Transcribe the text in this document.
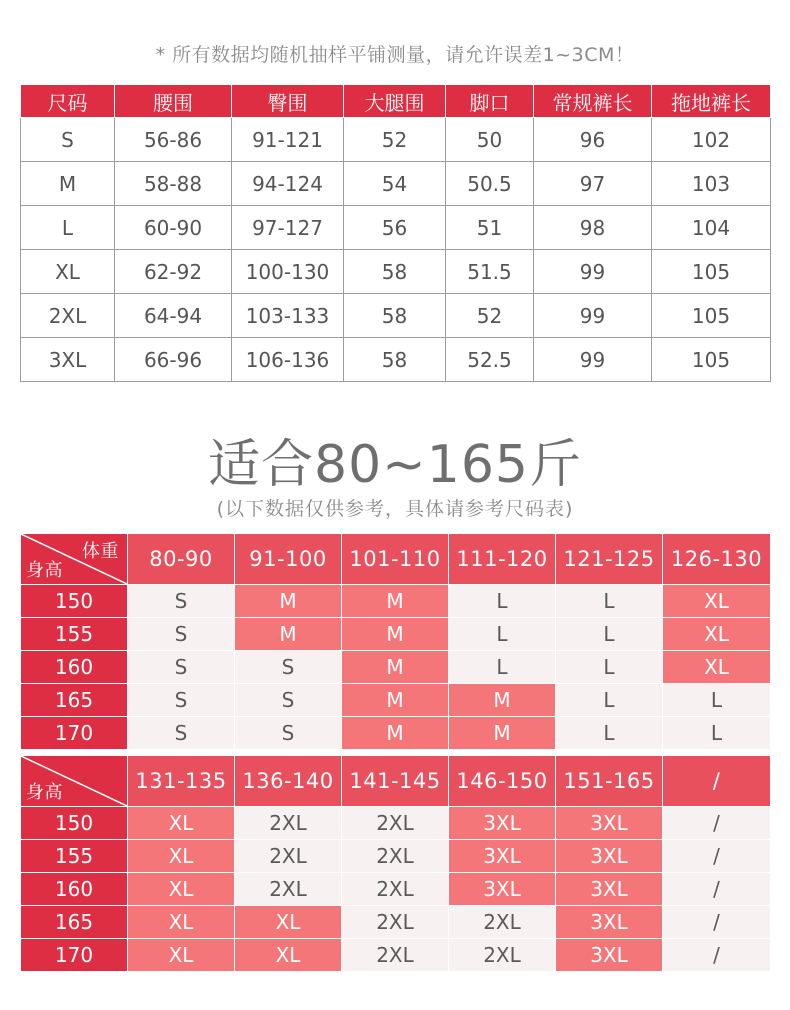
* 所有数据均随机抽样平铺测量，请允许误差1~3CM！
尺码	腰围	臀围	大腿围	脚口	常规裤长	拖地裤长
S	56-86	91-121	52	50	96	102
M	58-88	94-124	54	50.5	97	103
L	60-90	97-127	56	51	98	104
XL	62-92	100-130	58	51.5	99	105
2XL	64-94	103-133	58	52	99	105
3XL	66-96	106-136	58	52.5	99	105
适合80~165斤
(以下数据仅供参考，具体请参考尺码表)
体重
身高	80-90	91-100	101-110	111-120	121-125	126-130
150	S	M	M	L	L	XL
155	S	M	M	L	L	XL
160	S	S	M	L	L	XL
165	S	S	M	M	L	L
170	S	S	M	M	L	L
身高	131-135	136-140	141-145	146-150	151-165	/
150	XL	2XL	2XL	3XL	3XL	/
155	XL	2XL	2XL	3XL	3XL	/
160	XL	2XL	2XL	3XL	3XL	/
165	XL	XL	2XL	2XL	3XL	/
170	XL	XL	2XL	2XL	3XL	/
